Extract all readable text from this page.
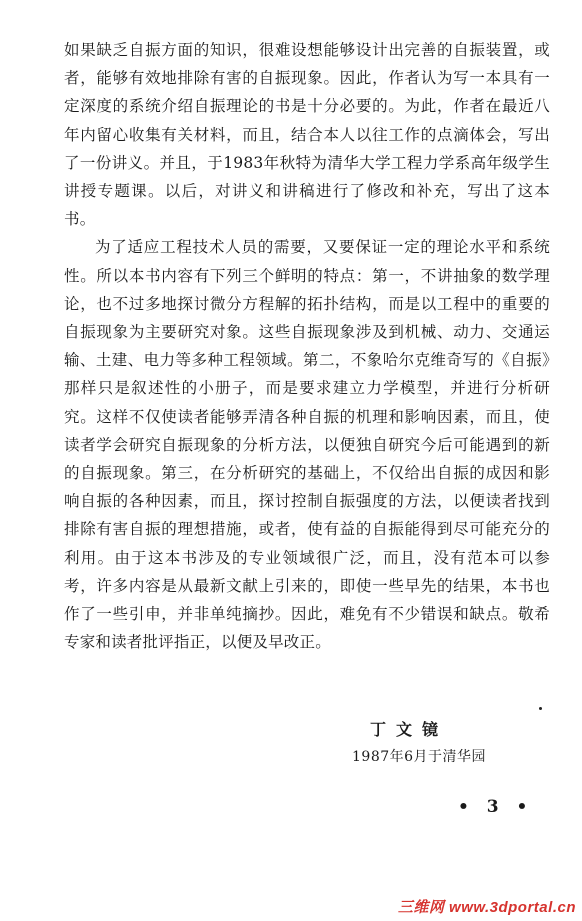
如果缺乏自振方面的知识，很难设想能够设计出完善的自振装置，或者，能够有效地排除有害的自振现象。因此，作者认为写一本具有一定深度的系统介绍自振理论的书是十分必要的。为此，作者在最近八年内留心收集有关材料，而且，结合本人以往工作的点滴体会，写出了一份讲义。并且，于1983年秋特为清华大学工程力学系高年级学生讲授专题课。以后，对讲义和讲稿进行了修改和补充，写出了这本书。

为了适应工程技术人员的需要，又要保证一定的理论水平和系统性。所以本书内容有下列三个鲜明的特点：第一，不讲抽象的数学理论，也不过多地探讨微分方程解的拓扑结构，而是以工程中的重要的自振现象为主要研究对象。这些自振现象涉及到机械、动力、交通运输、土建、电力等多种工程领域。第二，不象哈尔克维奇写的《自振》那样只是叙述性的小册子，而是要求建立力学模型，并进行分析研究。这样不仅使读者能够弄清各种自振的机理和影响因素，而且，使读者学会研究自振现象的分析方法，以便独自研究今后可能遇到的新的自振现象。第三，在分析研究的基础上，不仅给出自振的成因和影响自振的各种因素，而且，探讨控制自振强度的方法，以便读者找到排除有害自振的理想措施，或者，使有益的自振能得到尽可能充分的利用。由于这本书涉及的专业领域很广泛，而且，没有范本可以参考，许多内容是从最新文献上引来的，即使一些早先的结果，本书也作了一些引申，并非单纯摘抄。因此，难免有不少错误和缺点。敬希专家和读者批评指正，以便及早改正。

丁文镜
1987年6月于清华园
• 3 •
三维网 www.3dportal.cn
